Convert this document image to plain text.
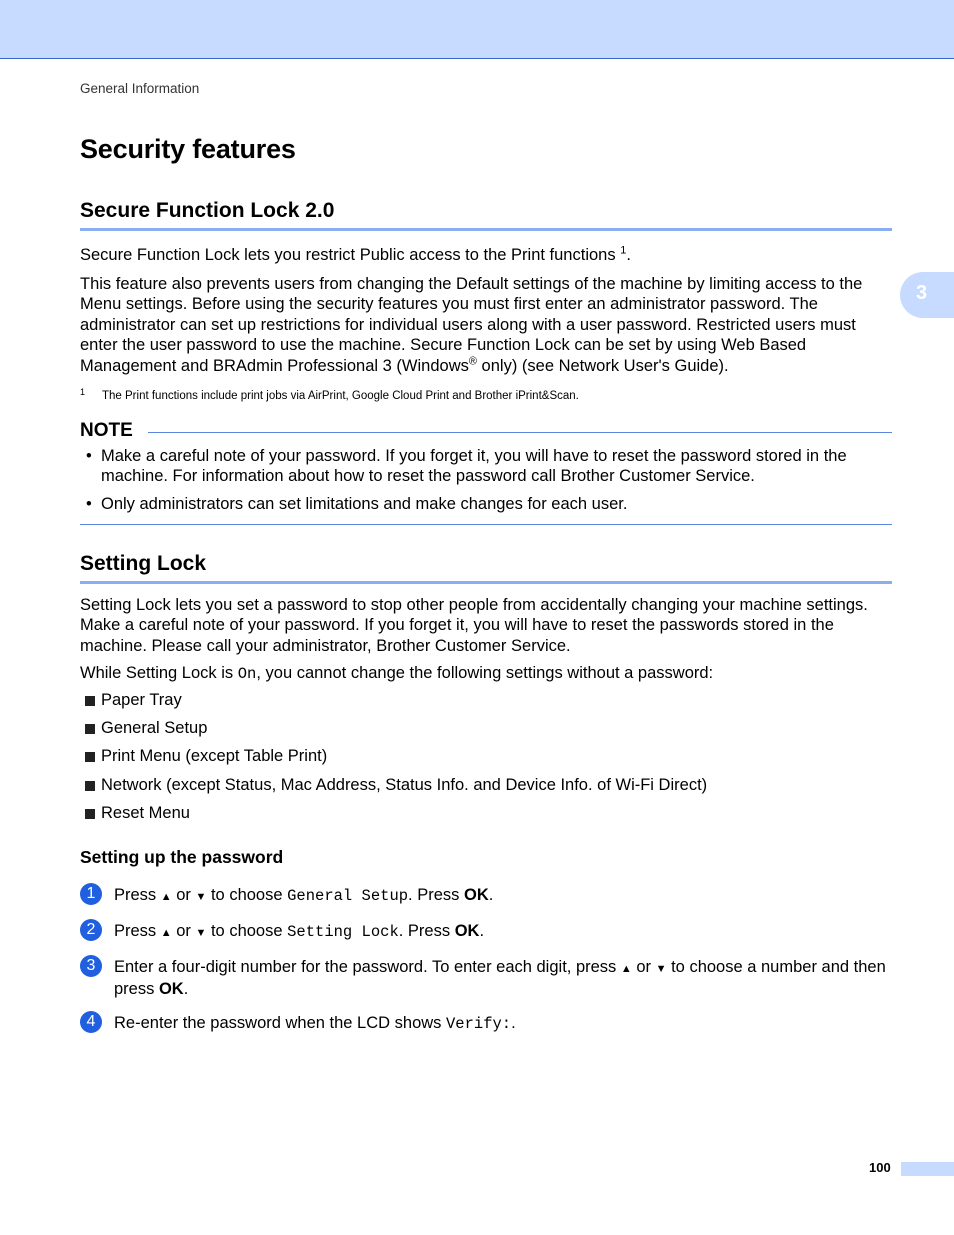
General Information
3
Security features
Secure Function Lock 2.0

Secure Function Lock lets you restrict Public access to the Print functions $^1$.

This feature also prevents users from changing the Default settings of the machine by limiting access to the Menu settings. Before using the security features you must first enter an administrator password. The administrator can set up restrictions for individual users along with a user password. Restricted users must enter the user password to use the machine. Secure Function Lock can be set by using Web Based Management and BRAdmin Professional 3 (Windows® only) (see Network User's Guide).

1 The Print functions include print jobs via AirPrint, Google Cloud Print and Brother iPrint&Scan.
NOTE
• Make a careful note of your password. If you forget it, you will have to reset the password stored in the machine. For information about how to reset the password call Brother Customer Service.
• Only administrators can set limitations and make changes for each user.
Setting Lock

Setting Lock lets you set a password to stop other people from accidentally changing your machine settings. Make a careful note of your password. If you forget it, you will have to reset the passwords stored in the machine. Please call your administrator, Brother Customer Service.

While Setting Lock is On, you cannot change the following settings without a password:

Paper Tray
General Setup
Print Menu (except Table Print)
Network (except Status, Mac Address, Status Info. and Device Info. of Wi-Fi Direct)
Reset Menu
Setting up the password
1	Press ▲ or ▼ to choose General Setup. Press OK.
2	Press ▲ or ▼ to choose Setting Lock. Press OK.
3	Enter a four-digit number for the password. To enter each digit, press ▲ or ▼ to choose a number and then press OK.
4	Re-enter the password when the LCD shows Verify:.
100
